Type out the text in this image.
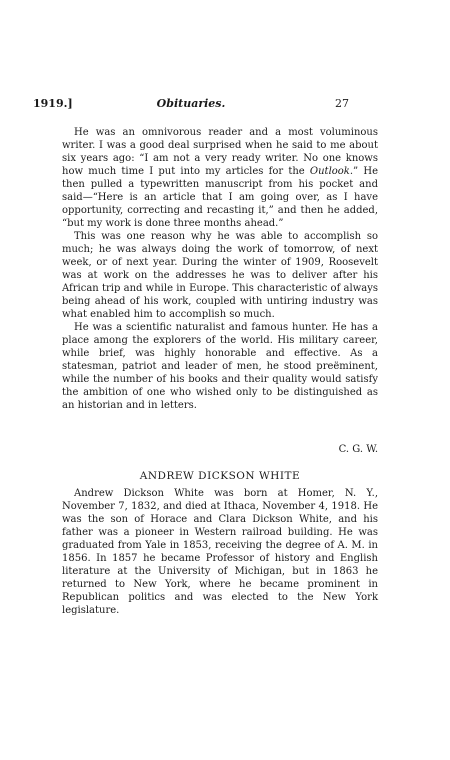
1919.]	Obituaries.	27

He was an omnivorous reader and a most voluminous writer. I was a good deal surprised when he said to me about six years ago: “I am not a very ready writer. No one knows how much time I put into my articles for the Outlook.” He then pulled a typewritten manuscript from his pocket and said—“Here is an article that I am going over, as I have opportunity, correcting and recasting it,” and then he added, “but my work is done three months ahead.”

This was one reason why he was able to accomplish so much; he was always doing the work of tomorrow, of next week, or of next year. During the winter of 1909, Roosevelt was at work on the addresses he was to deliver after his African trip and while in Europe. This characteristic of always being ahead of his work, coupled with untiring industry was what enabled him to accomplish so much.

He was a scientific naturalist and famous hunter. He has a place among the explorers of the world. His military career, while brief, was highly honorable and effective. As a statesman, patriot and leader of men, he stood preëminent, while the number of his books and their quality would satisfy the ambition of one who wished only to be distinguished as an historian and in letters.

C. G. W.
ANDREW DICKSON WHITE

Andrew Dickson White was born at Homer, N. Y., November 7, 1832, and died at Ithaca, November 4, 1918. He was the son of Horace and Clara Dickson White, and his father was a pioneer in Western railroad building. He was graduated from Yale in 1853, receiving the degree of A. M. in 1856. In 1857 he became Professor of history and English literature at the University of Michigan, but in 1863 he returned to New York, where he became prominent in Republican politics and was elected to the New York legislature.
